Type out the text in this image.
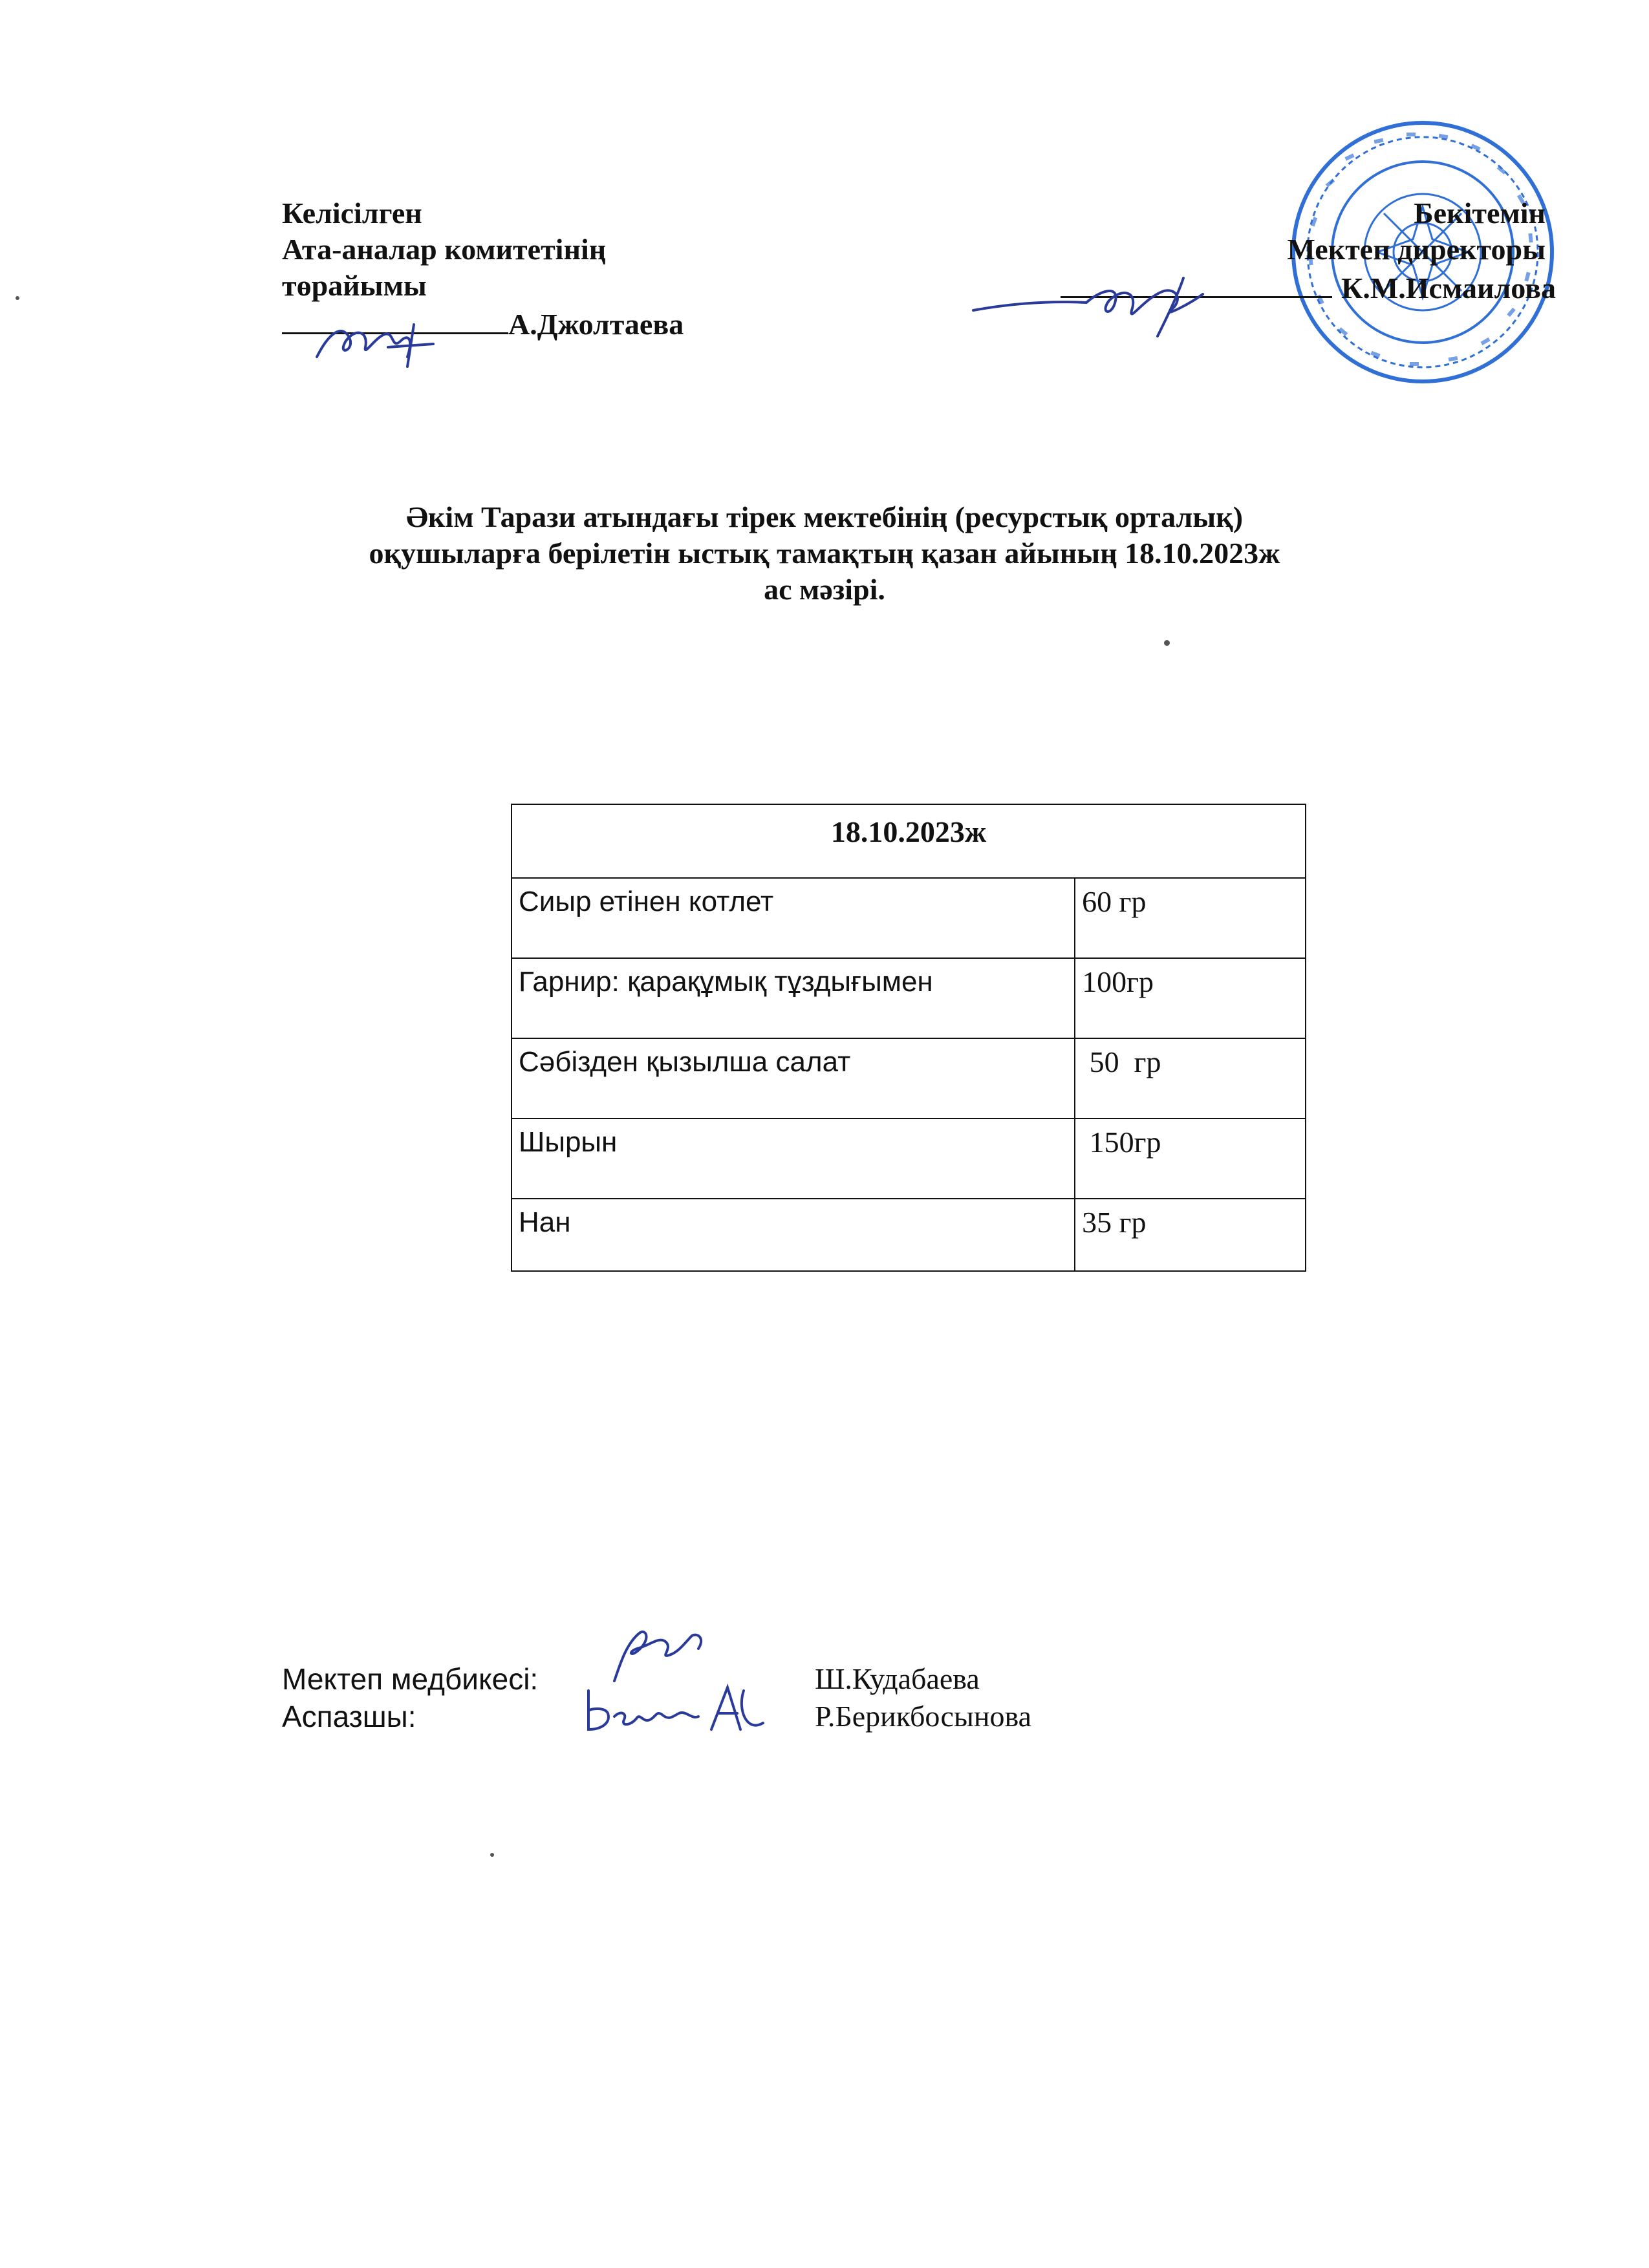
Келісілген
Ата-аналар комитетінің
төрайымы
А.Джолтаева
Бекітемін
Мектеп директоры
К.М.Исмаилова
Әкім Тарази атындағы тірек мектебінің (ресурстық орталық)
оқушыларға берілетін ыстық тамақтың қазан айының 18.10.2023ж
ас мәзірі.
18.10.2023ж	
Сиыр етінен котлет	60 гр
Гарнир: қарақұмық тұздығымен	100гр
Сәбізден қызылша салат	50  гр
Шырын	150гр
Нан	35 гр
Мектеп медбикесі:	Ш.Кудабаева
Аспазшы:	Р.Берикбосынова
